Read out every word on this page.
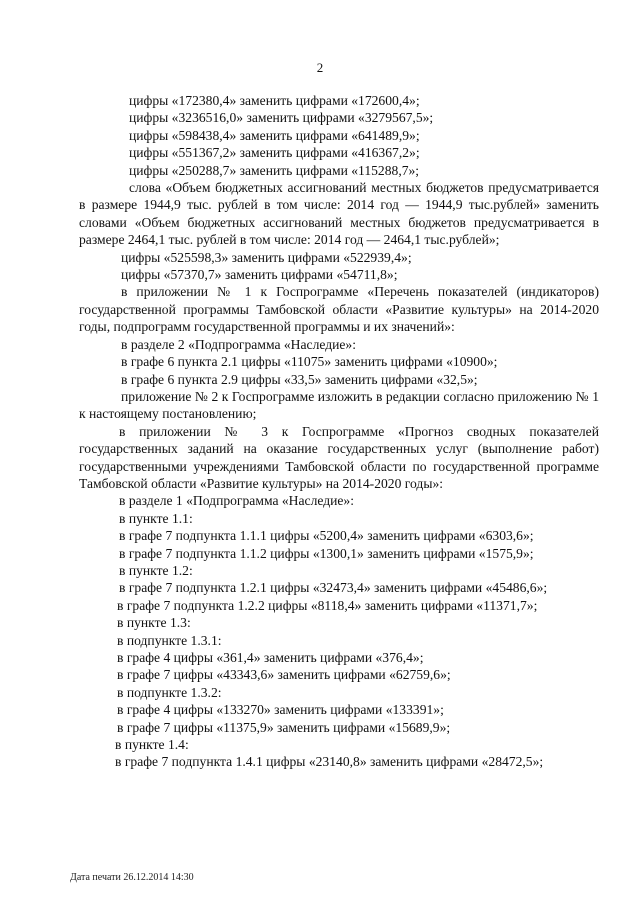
2

цифры «172380,4» заменить цифрами «172600,4»;

цифры «3236516,0» заменить цифрами «3279567,5»;

цифры «598438,4» заменить цифрами «641489,9»;

цифры «551367,2» заменить цифрами «416367,2»;

цифры «250288,7» заменить цифрами «115288,7»;

слова «Объем бюджетных ассигнований местных бюджетов предусматривается в размере 1944,9 тыс. рублей в том числе: 2014 год — 1944,9 тыс.рублей» заменить словами «Объем бюджетных ассигнований местных бюджетов предусматривается в размере 2464,1 тыс. рублей в том числе: 2014 год — 2464,1 тыс.рублей»;

цифры «525598,3» заменить цифрами «522939,4»;

цифры «57370,7» заменить цифрами «54711,8»;

в приложении № 1 к Госпрограмме «Перечень показателей (индикаторов) государственной программы Тамбовской области «Развитие культуры» на 2014-2020 годы, подпрограмм государственной программы и их значений»:

в разделе 2 «Подпрограмма «Наследие»:

в графе 6 пункта 2.1 цифры «11075» заменить цифрами «10900»;

в графе 6 пункта 2.9 цифры «33,5» заменить цифрами «32,5»;

приложение № 2 к Госпрограмме изложить в редакции согласно приложению № 1 к настоящему постановлению;

в приложении № 3 к Госпрограмме «Прогноз сводных показателей государственных заданий на оказание государственных услуг (выполнение работ) государственными учреждениями Тамбовской области по государственной программе Тамбовской области «Развитие культуры» на 2014-2020 годы»:

в разделе 1 «Подпрограмма «Наследие»:

в пункте 1.1:

в графе 7 подпункта 1.1.1 цифры «5200,4» заменить цифрами «6303,6»;

в графе 7 подпункта 1.1.2 цифры «1300,1» заменить цифрами «1575,9»;

в пункте 1.2:

в графе 7 подпункта 1.2.1 цифры «32473,4» заменить цифрами «45486,6»;

в графе 7 подпункта 1.2.2 цифры «8118,4» заменить цифрами «11371,7»;

в пункте 1.3:

в подпункте 1.3.1:

в графе 4 цифры «361,4» заменить цифрами «376,4»;

в графе 7 цифры «43343,6» заменить цифрами «62759,6»;

в подпункте 1.3.2:

в графе 4 цифры «133270» заменить цифрами «133391»;

в графе 7 цифры «11375,9» заменить цифрами «15689,9»;

в пункте 1.4:

в графе 7 подпункта 1.4.1 цифры «23140,8» заменить цифрами «28472,5»;

Дата печати 26.12.2014 14:30
